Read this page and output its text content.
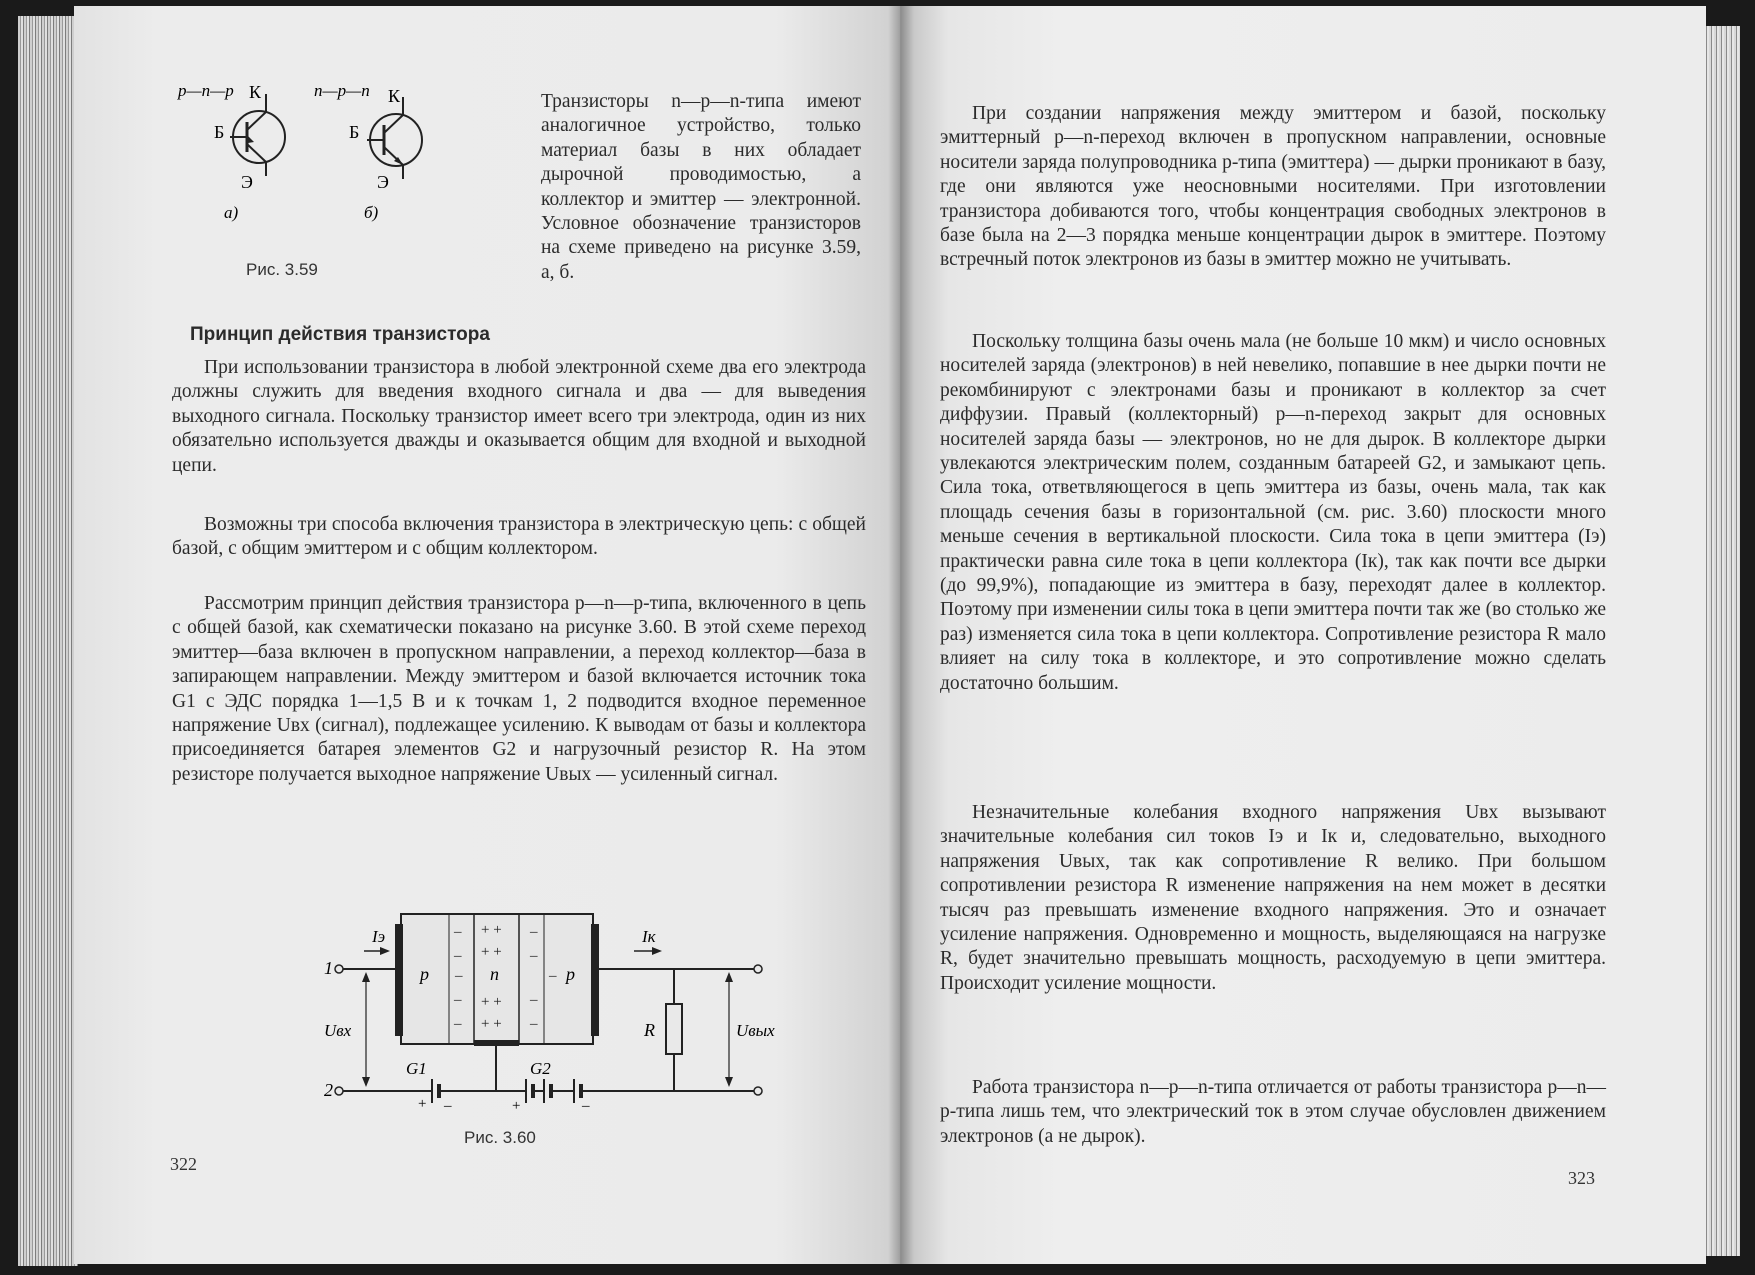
p—n—p К
Б
Э
а)
n—p—n К
Б
Э
б)
Рис. 3.59

Транзисторы n—p—n-типа имеют аналогичное устройство, только материал базы в них обладает дырочной проводимостью, а коллектор и эмиттер — электронной. Условное обозначение транзисторов на схеме приведено на рисунке 3.59, а, б.

Принцип действия транзистора

При использовании транзистора в любой электронной схеме два его электрода должны служить для введения входного сигнала и два — для выведения выходного сигнала. Поскольку транзистор имеет всего три электрода, один из них обязательно используется дважды и оказывается общим для входной и выходной цепи.

Возможны три способа включения транзистора в электрическую цепь: с общей базой, с общим эмиттером и с общим коллектором.

Рассмотрим принцип действия транзистора p—n—p-типа, включенного в цепь с общей базой, как схематически показано на рисунке 3.60. В этой схеме переход эмиттер—база включен в пропускном направлении, а переход коллектор—база в запирающем направлении. Между эмиттером и базой включается источник тока G1 с ЭДС порядка 1—1,5 В и к точкам 1, 2 подводится входное переменное напряжение Uвх (сигнал), подлежащее усилению. К выводам от базы и коллектора присоединяется батарея элементов G2 и нагрузочный резистор R. На этом резисторе получается выходное напряжение Uвых — усиленный сигнал.

p	n	p
–
–
–
–
+ +
+ +
+ +
+ +
–
–
–
–
–
–
1
Iэ	Iк
R
2
G1	G2
+ –	+	–
Uвх	Uвых
Рис. 3.60
322

При создании напряжения между эмиттером и базой, поскольку эмиттерный p—n-переход включен в пропускном направлении, основные носители заряда полупроводника p-типа (эмиттера) — дырки проникают в базу, где они являются уже неосновными носителями. При изготовлении транзистора добиваются того, чтобы концентрация свободных электронов в базе была на 2—3 порядка меньше концентрации дырок в эмиттере. Поэтому встречный поток электронов из базы в эмиттер можно не учитывать.

Поскольку толщина базы очень мала (не больше 10 мкм) и число основных носителей заряда (электронов) в ней невелико, попавшие в нее дырки почти не рекомбинируют с электронами базы и проникают в коллектор за счет диффузии. Правый (коллекторный) p—n-переход закрыт для основных носителей заряда базы — электронов, но не для дырок. В коллекторе дырки увлекаются электрическим полем, созданным батареей G2, и замыкают цепь. Сила тока, ответвляющегося в цепь эмиттера из базы, очень мала, так как площадь сечения базы в горизонтальной (см. рис. 3.60) плоскости много меньше сечения в вертикальной плоскости. Сила тока в цепи эмиттера (Iэ) практически равна силе тока в цепи коллектора (Iк), так как почти все дырки (до 99,9%), попадающие из эмиттера в базу, переходят далее в коллектор. Поэтому при изменении силы тока в цепи эмиттера почти так же (во столько же раз) изменяется сила тока в цепи коллектора. Сопротивление резистора R мало влияет на силу тока в коллекторе, и это сопротивление можно сделать достаточно большим.

Незначительные колебания входного напряжения Uвх вызывают значительные колебания сил токов Iэ и Iк и, следовательно, выходного напряжения Uвых, так как сопротивление R велико. При большом сопротивлении резистора R изменение напряжения на нем может в десятки тысяч раз превышать изменение входного напряжения. Это и означает усиление напряжения. Одновременно и мощность, выделяющаяся на нагрузке R, будет значительно превышать мощность, расходуемую в цепи эмиттера. Происходит усиление мощности.

Работа транзистора n—p—n-типа отличается от работы транзистора p—n—p-типа лишь тем, что электрический ток в этом случае обусловлен движением электронов (а не дырок).

323
